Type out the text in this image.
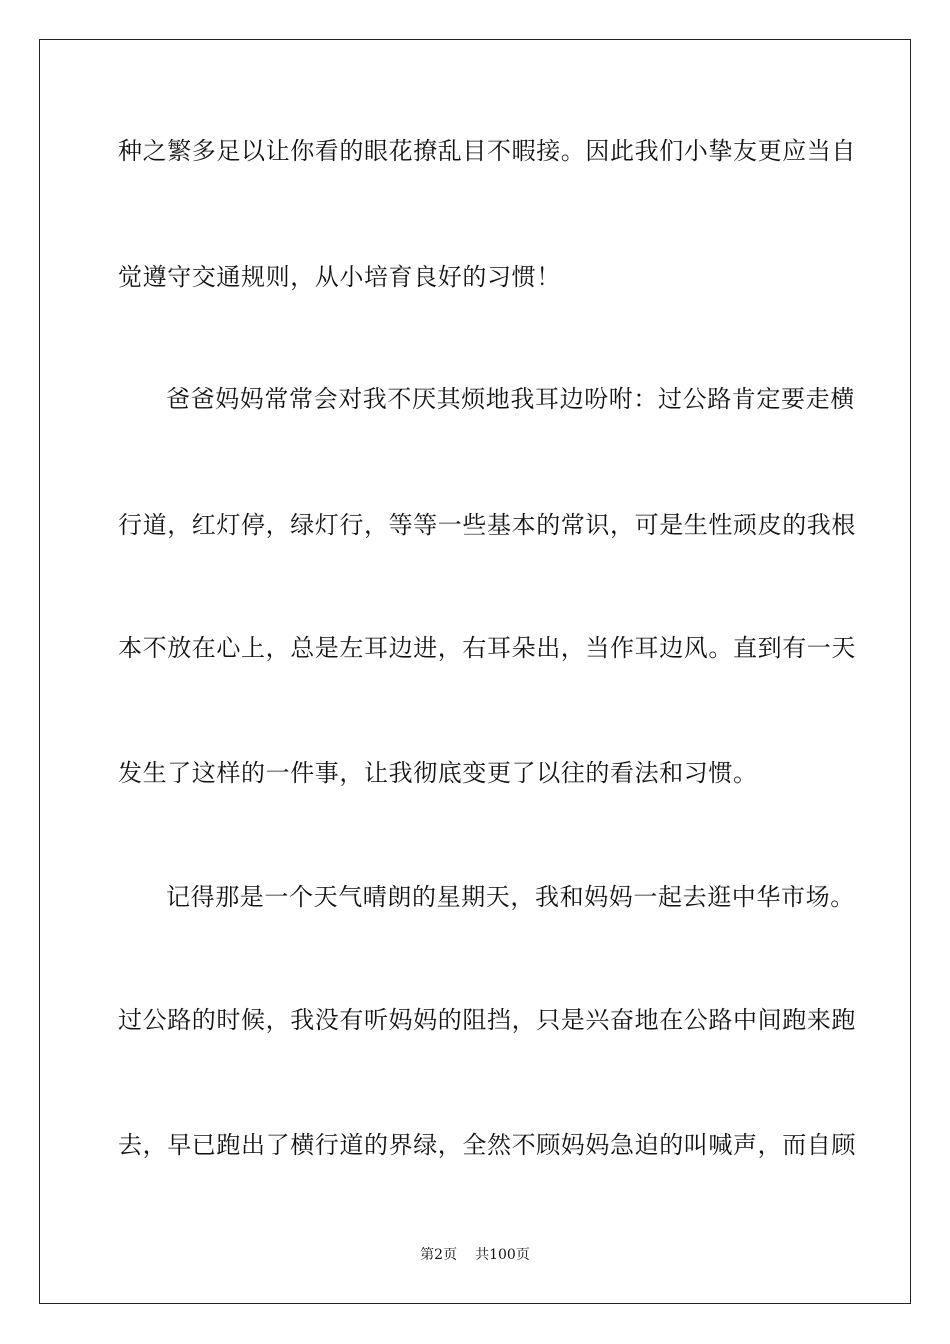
种之繁多足以让你看的眼花撩乱目不暇接。因此我们小挚友更应当自
觉遵守交通规则，从小培育良好的习惯！
爸爸妈妈常常会对我不厌其烦地我耳边吩咐：过公路肯定要走横
行道，红灯停，绿灯行，等等一些基本的常识，可是生性顽皮的我根
本不放在心上，总是左耳边进，右耳朵出，当作耳边风。直到有一天
发生了这样的一件事，让我彻底变更了以往的看法和习惯。
记得那是一个天气晴朗的星期天，我和妈妈一起去逛中华市场。
过公路的时候，我没有听妈妈的阻挡，只是兴奋地在公路中间跑来跑
去，早已跑出了横行道的界绿，全然不顾妈妈急迫的叫喊声，而自顾
第2页 共100页
